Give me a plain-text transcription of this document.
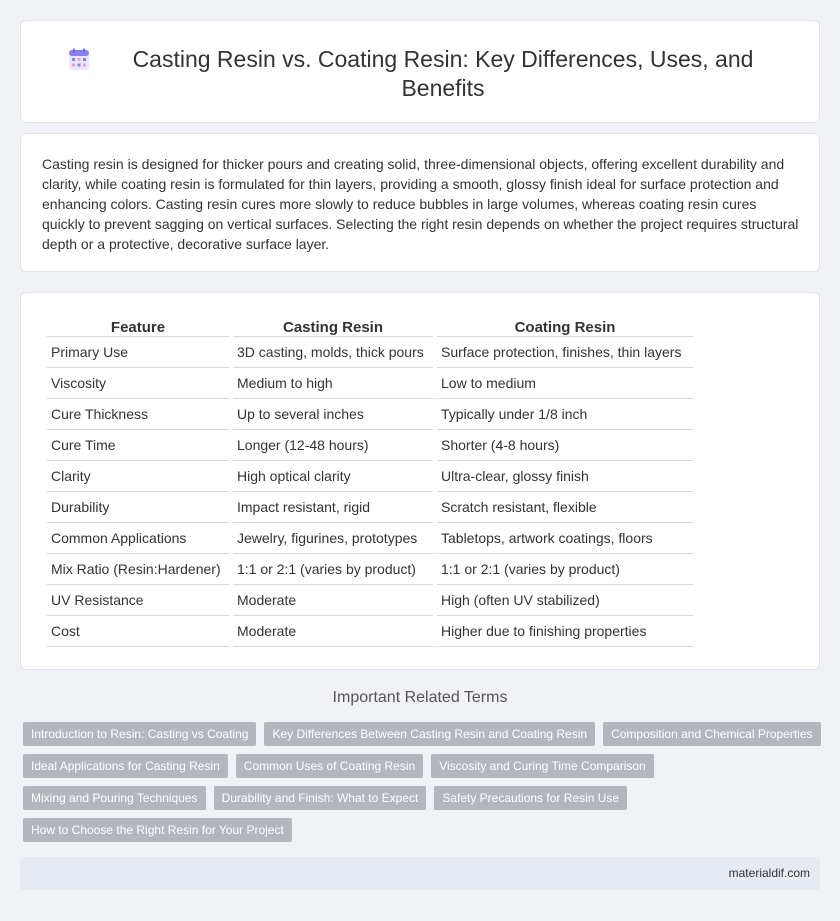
Casting Resin vs. Coating Resin: Key Differences, Uses, and Benefits

Casting resin is designed for thicker pours and creating solid, three-dimensional objects, offering excellent durability and clarity, while coating resin is formulated for thin layers, providing a smooth, glossy finish ideal for surface protection and enhancing colors. Casting resin cures more slowly to reduce bubbles in large volumes, whereas coating resin cures quickly to prevent sagging on vertical surfaces. Selecting the right resin depends on whether the project requires structural depth or a protective, decorative surface layer.

Feature	Casting Resin	Coating Resin
Primary Use	3D casting, molds, thick pours	Surface protection, finishes, thin layers
Viscosity	Medium to high	Low to medium
Cure Thickness	Up to several inches	Typically under 1/8 inch
Cure Time	Longer (12-48 hours)	Shorter (4-8 hours)
Clarity	High optical clarity	Ultra-clear, glossy finish
Durability	Impact resistant, rigid	Scratch resistant, flexible
Common Applications	Jewelry, figurines, prototypes	Tabletops, artwork coatings, floors
Mix Ratio (Resin:Hardener)	1:1 or 2:1 (varies by product)	1:1 or 2:1 (varies by product)
UV Resistance	Moderate	High (often UV stabilized)
Cost	Moderate	Higher due to finishing properties
Important Related Terms
Introduction to Resin: Casting vs Coating	Key Differences Between Casting Resin and Coating Resin	Composition and Chemical Properties
Ideal Applications for Casting Resin	Common Uses of Coating Resin	Viscosity and Curing Time Comparison
Mixing and Pouring Techniques	Durability and Finish: What to Expect	Safety Precautions for Resin Use
How to Choose the Right Resin for Your Project
materialdif.com
